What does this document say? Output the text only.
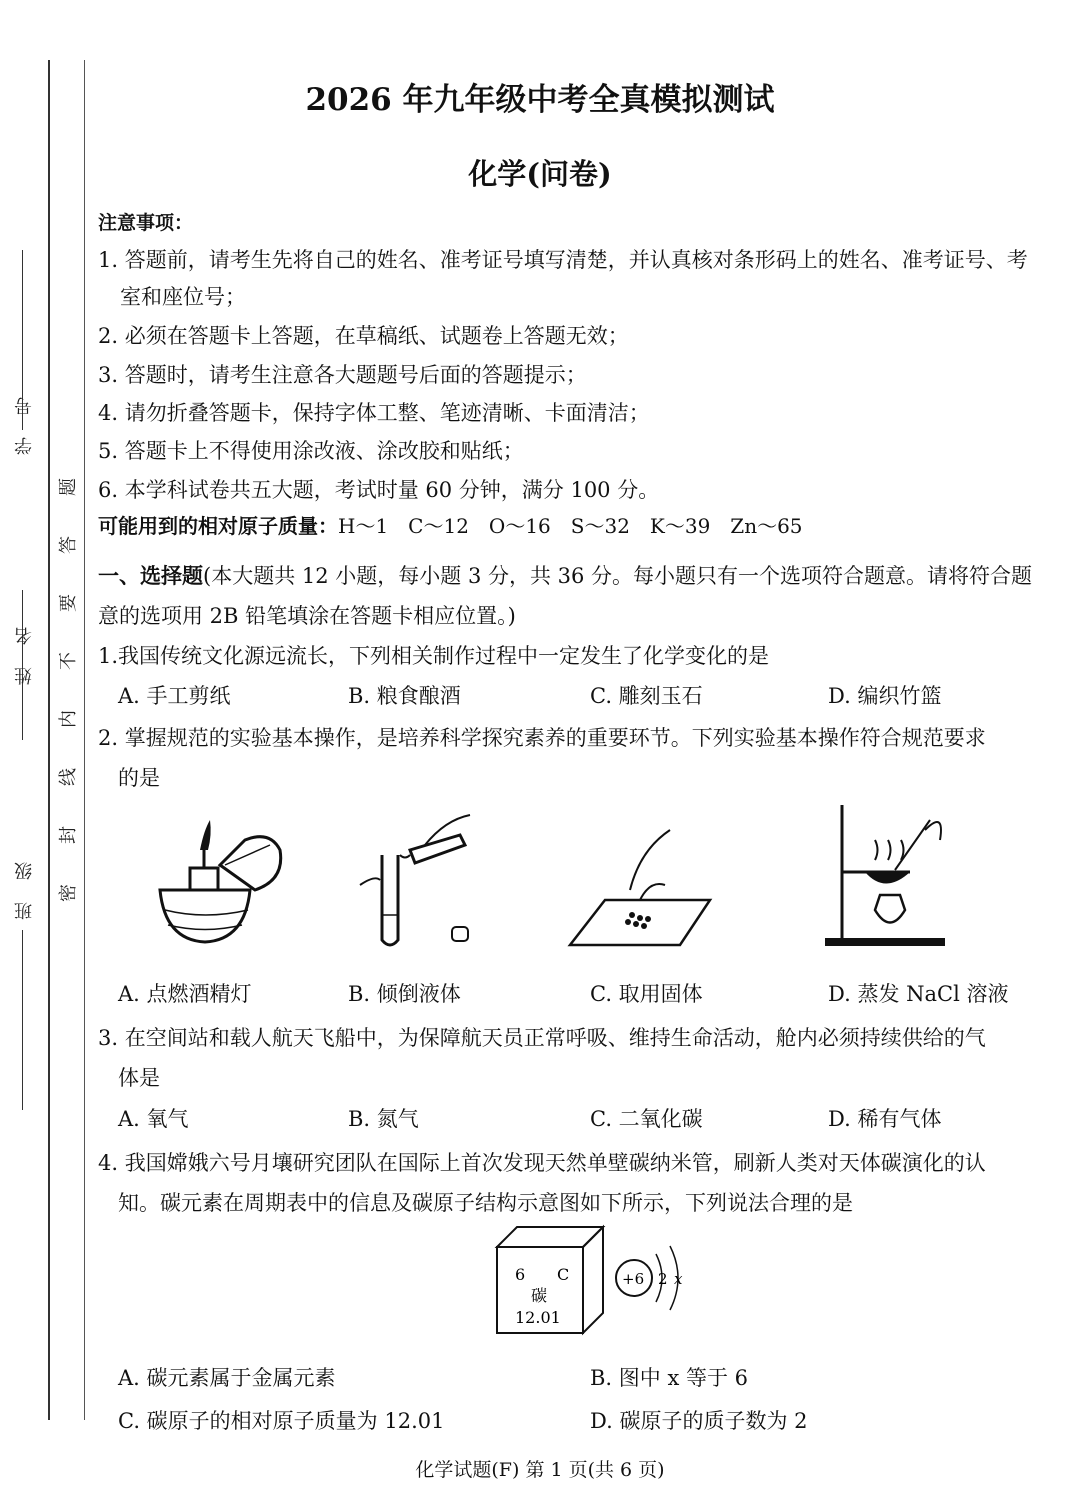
学　号
姓　名
班　级 密
封
线
内
不
要
答
题
2026 年九年级中考全真模拟测试
化学(问卷)
注意事项：
1. 答题前，请考生先将自己的姓名、准考证号填写清楚，并认真核对条形码上的姓名、准考证号、考
室和座位号；
2. 必须在答题卡上答题，在草稿纸、试题卷上答题无效；
3. 答题时，请考生注意各大题题号后面的答题提示；
4. 请勿折叠答题卡，保持字体工整、笔迹清晰、卡面清洁；
5. 答题卡上不得使用涂改液、涂改胶和贴纸；
6. 本学科试卷共五大题，考试时量 60 分钟，满分 100 分。
可能用到的相对原子质量：H～1　C～12　O～16　S～32　K～39　Zn～65
一、选择题(本大题共 12 小题，每小题 3 分，共 36 分。每小题只有一个选项符合题意。请将符合题
意的选项用 2B 铅笔填涂在答题卡相应位置。)
1.我国传统文化源远流长，下列相关制作过程中一定发生了化学变化的是
A. 手工剪纸	B. 粮食酿酒	C. 雕刻玉石	D. 编织竹篮
2. 掌握规范的实验基本操作，是培养科学探究素养的重要环节。下列实验基本操作符合规范要求
的是
A. 点燃酒精灯	B. 倾倒液体	C. 取用固体	D. 蒸发 NaCl 溶液
3. 在空间站和载人航天飞船中，为保障航天员正常呼吸、维持生命活动，舱内必须持续供给的气
体是
A. 氧气	B. 氮气	C. 二氧化碳	D. 稀有气体
4. 我国嫦娥六号月壤研究团队在国际上首次发现天然单壁碳纳米管，刷新人类对天体碳演化的认
知。碳元素在周期表中的信息及碳原子结构示意图如下所示，下列说法合理的是
6 C
碳
12.01
+6 2 x
A. 碳元素属于金属元素	B. 图中 x 等于 6
C. 碳原子的相对原子质量为 12.01	D. 碳原子的质子数为 2
化学试题(F) 第 1 页(共 6 页)
